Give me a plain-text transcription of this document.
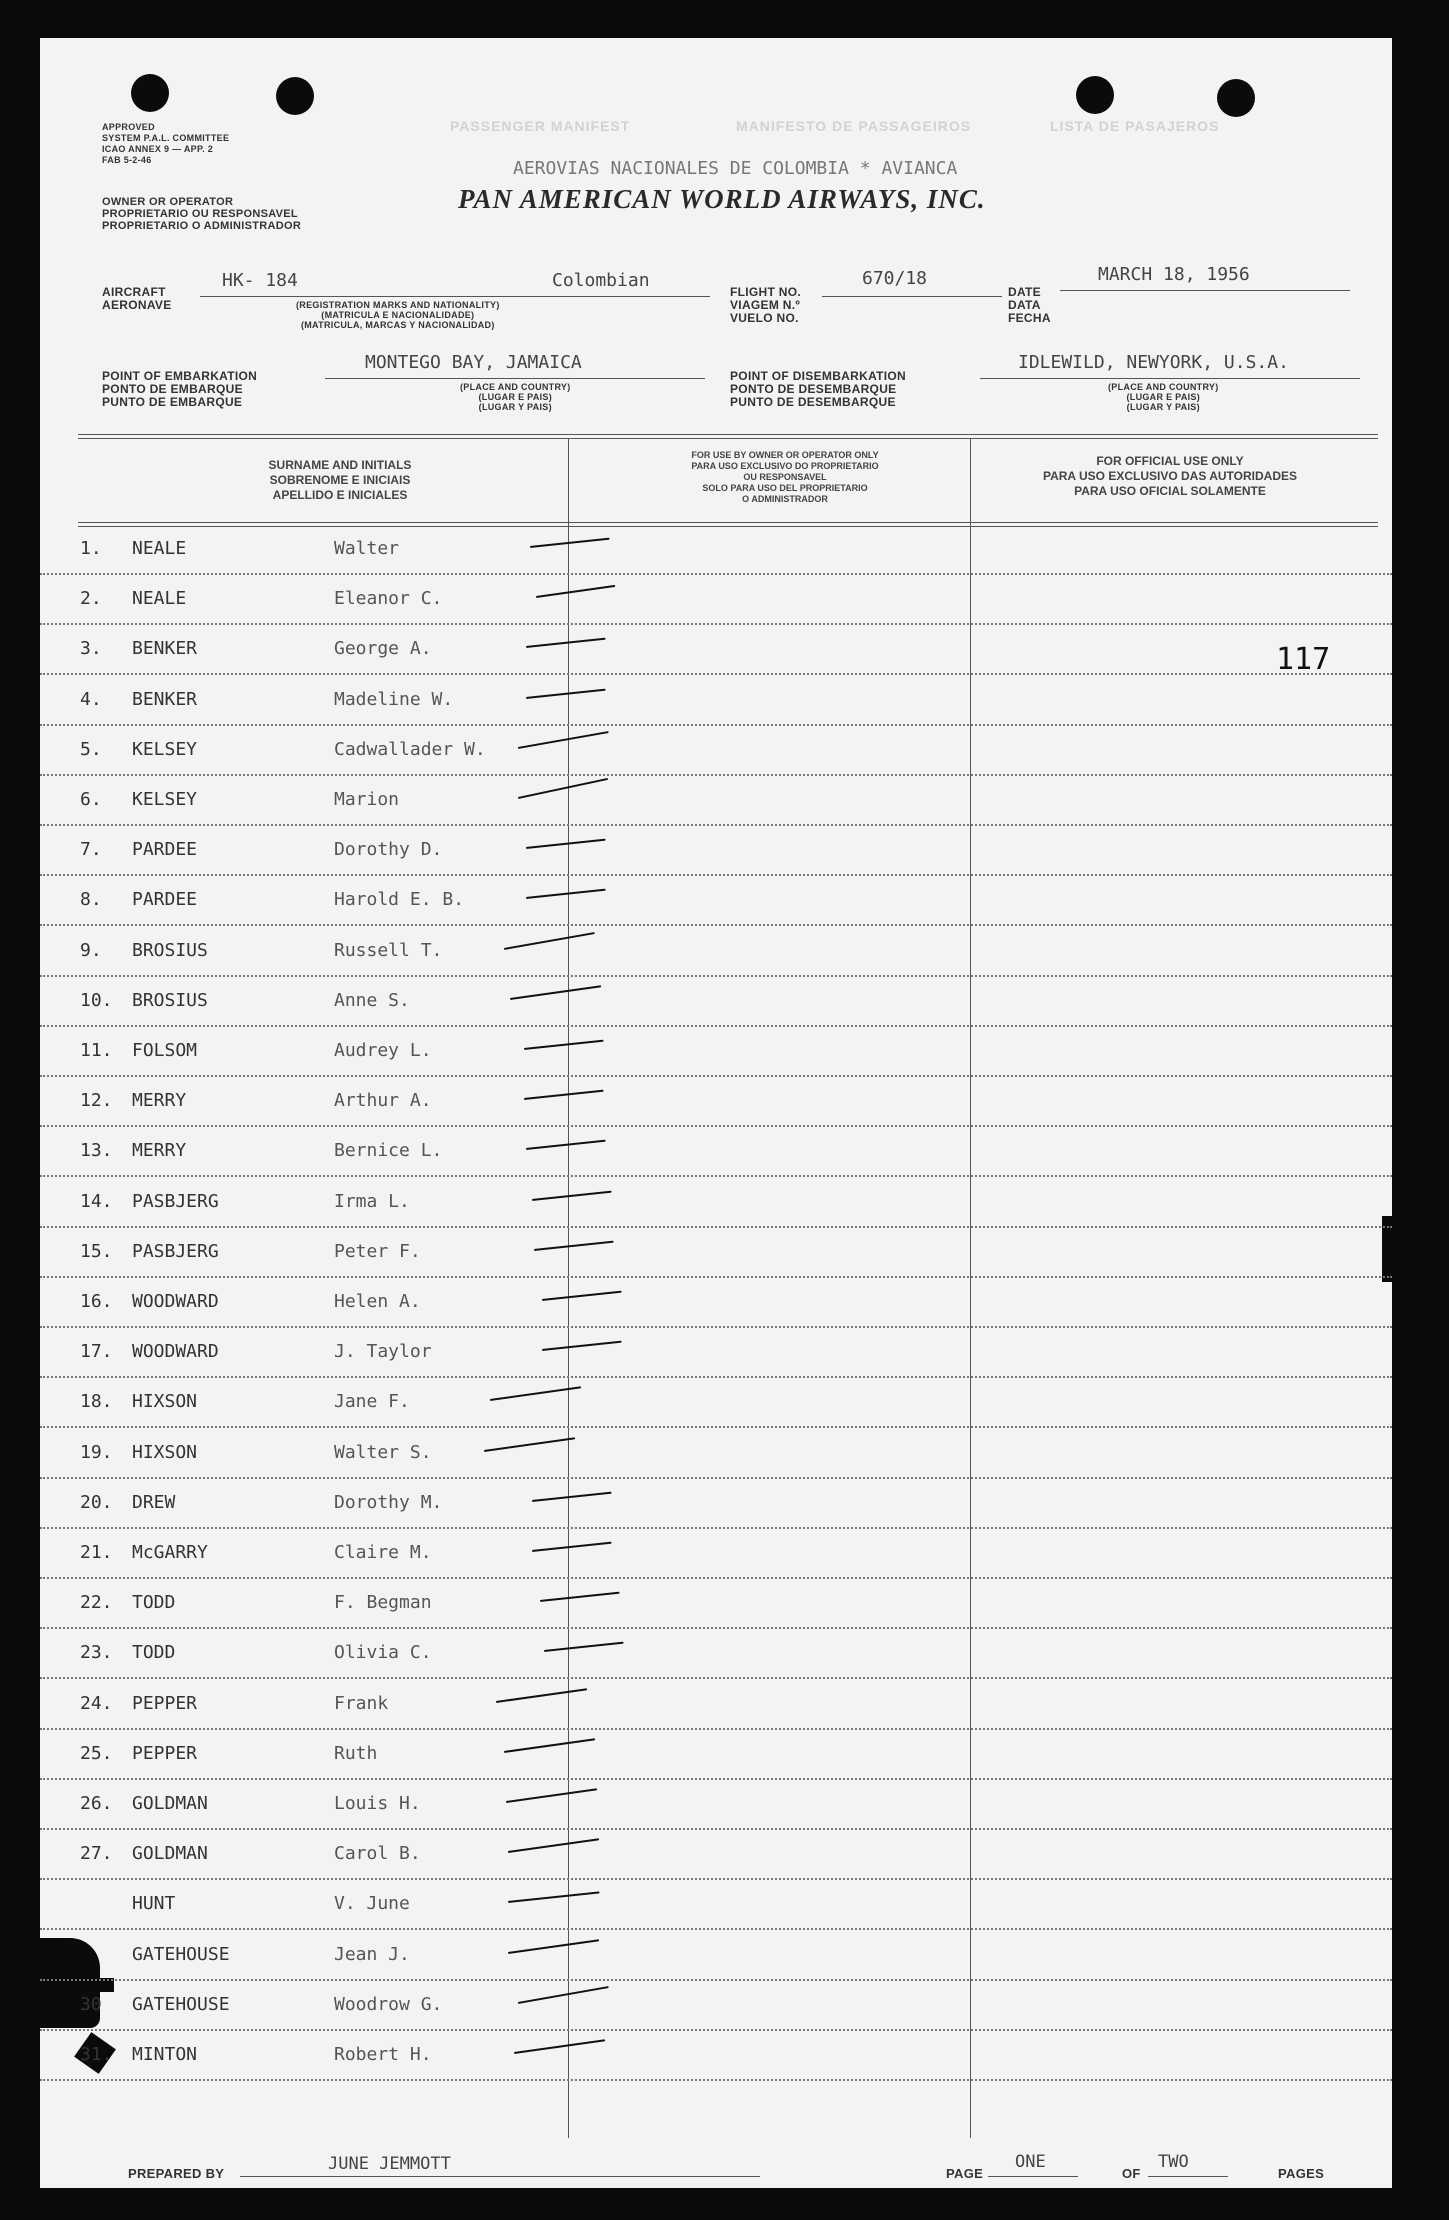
APPROVED
SYSTEM P.A.L. COMMITTEE
ICAO ANNEX 9 — APP. 2
FAB 5-2-46
PASSENGER MANIFEST	MANIFESTO DE PASSAGEIROS	LISTA DE PASAJEROS
OWNER OR OPERATOR
PROPRIETARIO OU RESPONSAVEL
PROPRIETARIO O ADMINISTRADOR
AEROVIAS NACIONALES DE COLOMBIA * AVIANCA
PAN AMERICAN WORLD AIRWAYS, INC.
AIRCRAFT
AERONAVE
HK- 184	Colombian
(REGISTRATION MARKS AND NATIONALITY)
(MATRICULA E NACIONALIDADE)
(MATRICULA, MARCAS Y NACIONALIDAD)
FLIGHT NO.
VIAGEM N.º
VUELO NO.
670/18
DATE
DATA
FECHA
MARCH 18, 1956
POINT OF EMBARKATION
PONTO DE EMBARQUE
PUNTO DE EMBARQUE
MONTEGO BAY, JAMAICA
(PLACE AND COUNTRY)
(LUGAR E PAIS)
(LUGAR Y PAIS)
POINT OF DISEMBARKATION
PONTO DE DESEMBARQUE
PUNTO DE DESEMBARQUE
IDLEWILD, NEWYORK, U.S.A.
(PLACE AND COUNTRY)
(LUGAR E PAIS)
(LUGAR Y PAIS)
SURNAME AND INITIALS
SOBRENOME E INICIAIS
APELLIDO E INICIALES
FOR USE BY OWNER OR OPERATOR ONLY
PARA USO EXCLUSIVO DO PROPRIETARIO
OU RESPONSAVEL
SOLO PARA USO DEL PROPRIETARIO
O ADMINISTRADOR
FOR OFFICIAL USE ONLY
PARA USO EXCLUSIVO DAS AUTORIDADES
PARA USO OFICIAL SOLAMENTE
117
1. NEALE	Walter
2. NEALE	Eleanor C.
3. BENKER	George A.
4. BENKER	Madeline W.
5. KELSEY	Cadwallader W.
6. KELSEY	Marion
7. PARDEE	Dorothy D.
8. PARDEE	Harold E. B.
9. BROSIUS	Russell T.
10. BROSIUS	Anne S.
11. FOLSOM	Audrey L.
12. MERRY	Arthur A.
13. MERRY	Bernice L.
14. PASBJERG	Irma L.
15. PASBJERG	Peter F.
16. WOODWARD	Helen A.
17. WOODWARD	J. Taylor
18. HIXSON	Jane F.
19. HIXSON	Walter S.
20. DREW	Dorothy M.
21. McGARRY	Claire M.
22. TODD	F. Begman
23. TODD	Olivia C.
24. PEPPER	Frank
25. PEPPER	Ruth
26. GOLDMAN	Louis H.
27. GOLDMAN	Carol B.
HUNT	V. June
GATEHOUSE	Jean J.
30 GATEHOUSE	Woodrow G.
31. MINTON	Robert H.
PREPARED BY	JUNE JEMMOTT	PAGE
ONE
OF
TWO
PAGES
